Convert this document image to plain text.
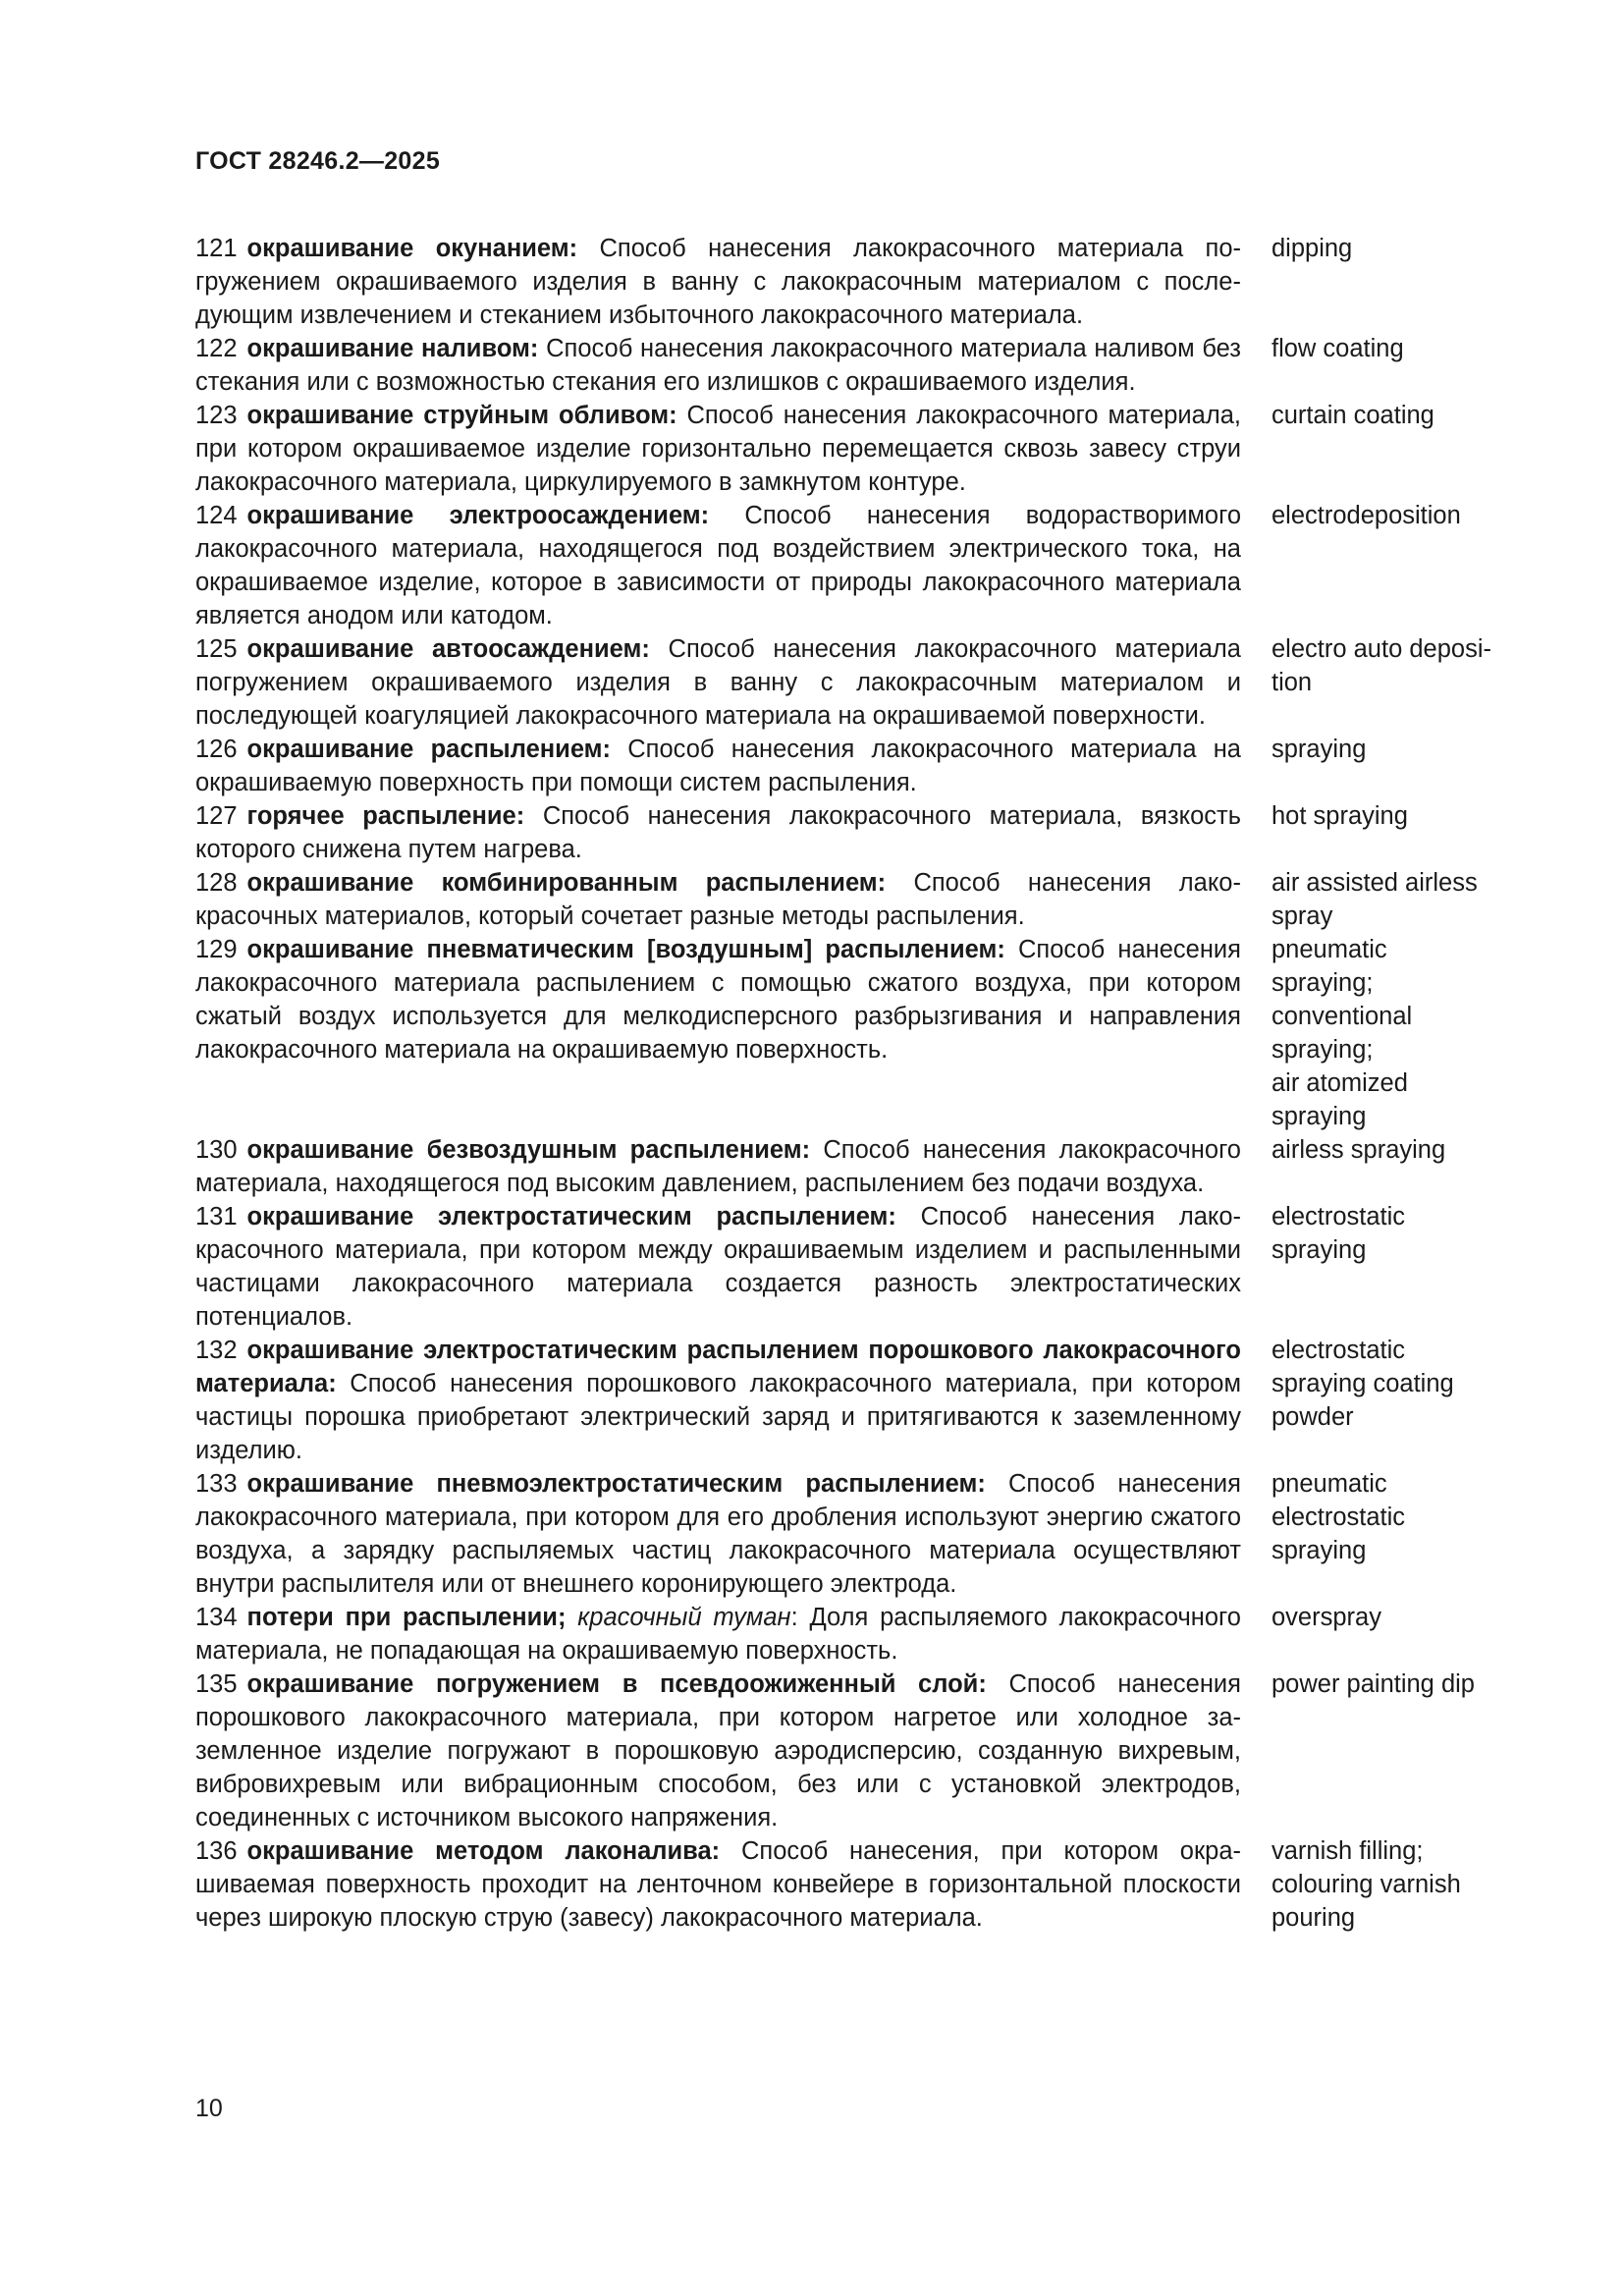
ГОСТ 28246.2—2025
121 окрашивание окунанием: Способ нанесения лакокрасочного материала погружением окрашиваемого изделия в ванну с лакокрасочным материалом с последующим извлечением и стеканием избыточного лакокрасочного материала.
dipping
122 окрашивание наливом: Способ нанесения лакокрасочного материала наливом без стекания или с возможностью стекания его излишков с окрашиваемого изделия.
flow coating
123 окрашивание струйным обливом: Способ нанесения лакокрасочного материала, при котором окрашиваемое изделие горизонтально перемещается сквозь завесу струи лакокрасочного материала, циркулируемого в замкнутом контуре.
curtain coating
124 окрашивание электроосаждением: Способ нанесения водорастворимого лакокрасочного материала, находящегося под воздействием электрического тока, на окрашиваемое изделие, которое в зависимости от природы лакокрасочного материала является анодом или катодом.
electrodeposition
125 окрашивание автоосаждением: Способ нанесения лакокрасочного материала погружением окрашиваемого изделия в ванну с лакокрасочным материалом и последующей коагуляцией лакокрасочного материала на окрашиваемой поверхности.
electro auto deposi-
tion
126 окрашивание распылением: Способ нанесения лакокрасочного материала на окрашиваемую поверхность при помощи систем распыления.
spraying
127 горячее распыление: Способ нанесения лакокрасочного материала, вязкость которого снижена путем нагрева.
hot spraying
128 окрашивание комбинированным распылением: Способ нанесения лакокрасочных материалов, который сочетает разные методы распыления.
air assisted airless
spray
129 окрашивание пневматическим [воздушным] распылением: Способ нанесения лакокрасочного материала распылением с помощью сжатого воздуха, при котором сжатый воздух используется для мелкодисперсного разбрызгивания и направления лакокрасочного материала на окрашиваемую поверхность.
pneumatic
spraying;
conventional
spraying;
air atomized
spraying
130 окрашивание безвоздушным распылением: Способ нанесения лакокрасочного материала, находящегося под высоким давлением, распылением без подачи воздуха.
airless spraying
131 окрашивание электростатическим распылением: Способ нанесения лакокрасочного материала, при котором между окрашиваемым изделием и распыленными частицами лакокрасочного материала создается разность электростатических потенциалов.
electrostatic
spraying
132 окрашивание электростатическим распылением порошкового лакокрасочного материала: Способ нанесения порошкового лакокрасочного материала, при котором частицы порошка приобретают электрический заряд и притягиваются к заземленному изделию.
electrostatic
spraying coating
powder
133 окрашивание пневмоэлектростатическим распылением: Способ нанесения лакокрасочного материала, при котором для его дробления используют энергию сжатого воздуха, а зарядку распыляемых частиц лакокрасочного материала осуществляют внутри распылителя или от внешнего коронирующего электрода.
pneumatic
electrostatic
spraying
134 потери при распылении; красочный туман: Доля распыляемого лакокрасочного материала, не попадающая на окрашиваемую поверхность.
overspray
135 окрашивание погружением в псевдоожиженный слой: Способ нанесения порошкового лакокрасочного материала, при котором нагретое или холодное заземленное изделие погружают в порошковую аэродисперсию, созданную вихревым, вибровихревым или вибрационным способом, без или с установкой электродов, соединенных с источником высокого напряжения.
power painting dip
136 окрашивание методом лаконалива: Способ нанесения, при котором окрашиваемая поверхность проходит на ленточном конвейере в горизонтальной плоскости через широкую плоскую струю (завесу) лакокрасочного материала.
varnish filling;
colouring varnish
pouring
10
